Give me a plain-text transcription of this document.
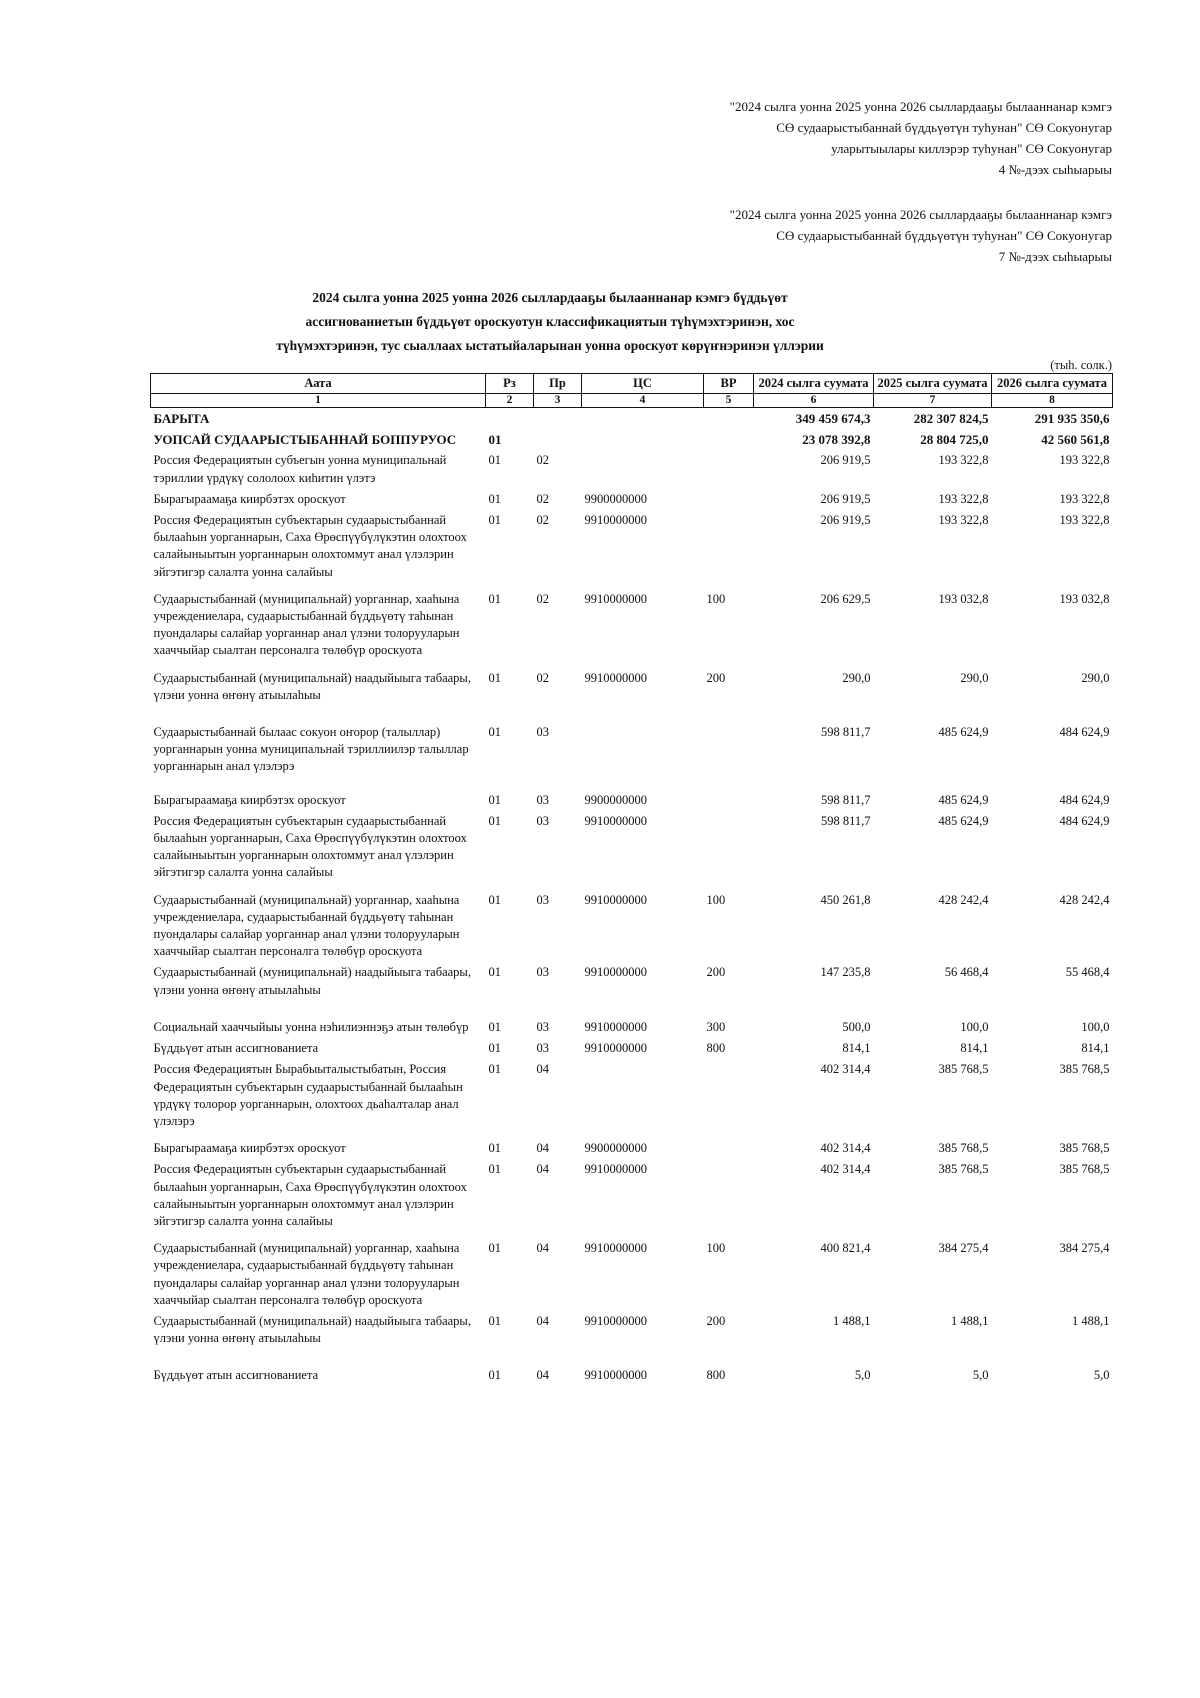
"2024 сылга уонна 2025 уонна 2026 сыллардааҕы былааннанар кэмгэ
СӨ судаарыстыбаннай бүддьүөтүн туһунан" СӨ Сокуонугар
уларытыылары киллэрэр туһунан" СӨ Сокуонугар
4 №-дээх сыһыарыы
"2024 сылга уонна 2025 уонна 2026 сыллардааҕы былааннанар кэмгэ
СӨ судаарыстыбаннай бүддьүөтүн туһунан" СӨ Сокуонугар
7 №-дээх сыһыарыы
2024 сылга уонна 2025 уонна 2026 сыллардааҕы былааннанар кэмгэ бүддьүөт
ассигнованиетын бүддьүөт ороскуотун классификациятын түһүмэхтэринэн, хос
түһүмэхтэринэн, тус сыаллаах ыстатыйаларынан уонна ороскуот көрүҥнэринэн үллэрии
(тыһ. солк.)
Аата	Рз	Пр	ЦС	ВР	2024 сылга суумата	2025 сылга суумата	2026 сылга суумата
1	2	3	4	5	6	7	8
БАРЫТА					349 459 674,3	282 307 824,5	291 935 350,6
УОПСАЙ СУДААРЫСТЫБАННАЙ БОППУРУОС	01				23 078 392,8	28 804 725,0	42 560 561,8
Россия Федерациятын субъегын уонна муниципальнай тэриллии үрдүкү сололоох киһитин үлэтэ	01	02			206 919,5	193 322,8	193 322,8
Бырагыраамаҕа киирбэтэх ороскуот	01	02	9900000000		206 919,5	193 322,8	193 322,8
Россия Федерациятын субъектарын судаарыстыбаннай былааһын уорганнарын, Саха Өрөспүүбүлүкэтин олохтоох салайыныытын уорганнарын олохтоммут анал үлэлэрин эйгэтигэр салалта уонна салайыы	01	02	9910000000		206 919,5	193 322,8	193 322,8
Судаарыстыбаннай (муниципальнай) уорганнар, хааһына учреждениелара, судаарыстыбаннай бүддьүөтү таһынан пуондалары салайар уорганнар анал үлэни толорууларын хааччыйар сыалтан персоналга төлөбүр ороскуота	01	02	9910000000	100	206 629,5	193 032,8	193 032,8
Судаарыстыбаннай (муниципальнай) наадыйыыга табаары, үлэни уонна өҥөнү атыылаһыы	01	02	9910000000	200	290,0	290,0	290,0
Судаарыстыбаннай былаас сокуон оҥорор (талыллар) уорганнарын уонна муниципальнай тэриллиилэр талыллар уорганнарын анал үлэлэрэ	01	03			598 811,7	485 624,9	484 624,9
Бырагыраамаҕа киирбэтэх ороскуот	01	03	9900000000		598 811,7	485 624,9	484 624,9
Россия Федерациятын субъектарын судаарыстыбаннай былааһын уорганнарын, Саха Өрөспүүбүлүкэтин олохтоох салайыныытын уорганнарын олохтоммут анал үлэлэрин эйгэтигэр салалта уонна салайыы	01	03	9910000000		598 811,7	485 624,9	484 624,9
Судаарыстыбаннай (муниципальнай) уорганнар, хааһына учреждениелара, судаарыстыбаннай бүддьүөтү таһынан пуондалары салайар уорганнар анал үлэни толорууларын хааччыйар сыалтан персоналга төлөбүр ороскуота	01	03	9910000000	100	450 261,8	428 242,4	428 242,4
Судаарыстыбаннай (муниципальнай) наадыйыыга табаары, үлэни уонна өҥөнү атыылаһыы	01	03	9910000000	200	147 235,8	56 468,4	55 468,4
Социальнай хааччыйыы уонна нэһилиэннэҕэ атын төлөбүр	01	03	9910000000	300	500,0	100,0	100,0
Бүддьүөт атын ассигнованиета	01	03	9910000000	800	814,1	814,1	814,1
Россия Федерациятын Бырабыыталыстыбатын, Россия Федерациятын субъектарын судаарыстыбаннай былааһын үрдүкү толорор уорганнарын, олохтоох дьаһалталар анал үлэлэрэ	01	04			402 314,4	385 768,5	385 768,5
Бырагыраамаҕа киирбэтэх ороскуот	01	04	9900000000		402 314,4	385 768,5	385 768,5
Россия Федерациятын субъектарын судаарыстыбаннай былааһын уорганнарын, Саха Өрөспүүбүлүкэтин олохтоох салайыныытын уорганнарын олохтоммут анал үлэлэрин эйгэтигэр салалта уонна салайыы	01	04	9910000000		402 314,4	385 768,5	385 768,5
Судаарыстыбаннай (муниципальнай) уорганнар, хааһына учреждениелара, судаарыстыбаннай бүддьүөтү таһынан пуондалары салайар уорганнар анал үлэни толорууларын хааччыйар сыалтан персоналга төлөбүр ороскуота	01	04	9910000000	100	400 821,4	384 275,4	384 275,4
Судаарыстыбаннай (муниципальнай) наадыйыыга табаары, үлэни уонна өҥөнү атыылаһыы	01	04	9910000000	200	1 488,1	1 488,1	1 488,1
Бүддьүөт атын ассигнованиета	01	04	9910000000	800	5,0	5,0	5,0
